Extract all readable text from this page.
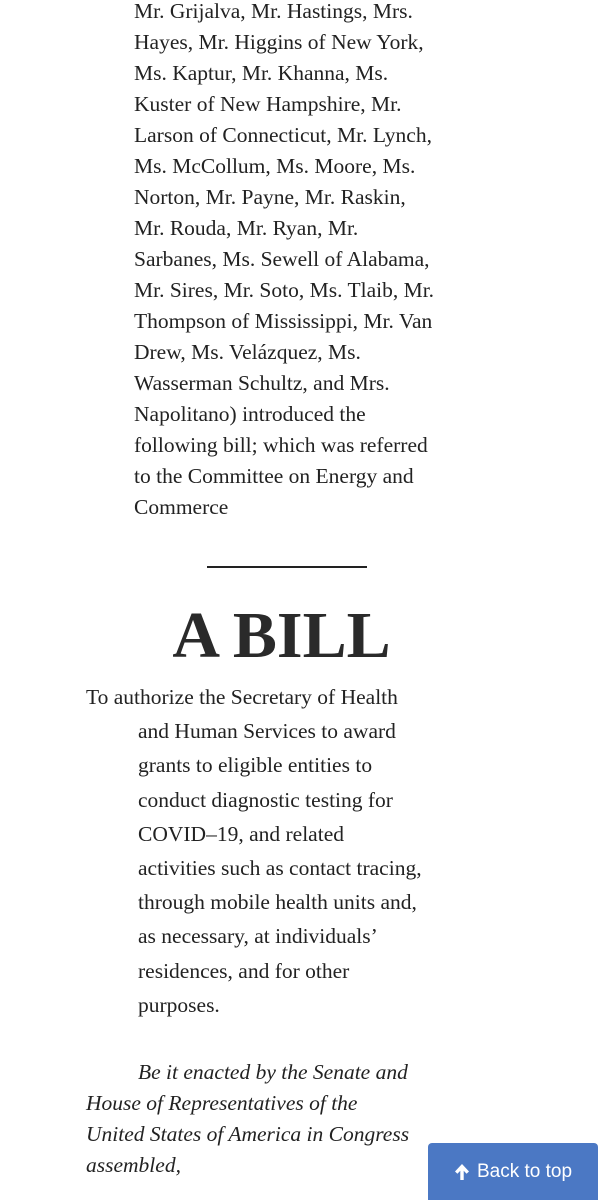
Mr. Grijalva, Mr. Hastings, Mrs.
Hayes, Mr. Higgins of New York,
Ms. Kaptur, Mr. Khanna, Ms.
Kuster of New Hampshire, Mr.
Larson of Connecticut, Mr. Lynch,
Ms. McCollum, Ms. Moore, Ms.
Norton, Mr. Payne, Mr. Raskin,
Mr. Rouda, Mr. Ryan, Mr.
Sarbanes, Ms. Sewell of Alabama,
Mr. Sires, Mr. Soto, Ms. Tlaib, Mr.
Thompson of Mississippi, Mr. Van
Drew, Ms. Velázquez, Ms.
Wasserman Schultz, and Mrs.
Napolitano) introduced the
following bill; which was referred
to the Committee on Energy and
Commerce
A BILL
To authorize the Secretary of Health
and Human Services to award
grants to eligible entities to
conduct diagnostic testing for
COVID–19, and related
activities such as contact tracing,
through mobile health units and,
as necessary, at individuals’
residences, and for other
purposes.
Be it enacted by the Senate and
House of Representatives of the
United States of America in Congress
assembled,	Back to top
